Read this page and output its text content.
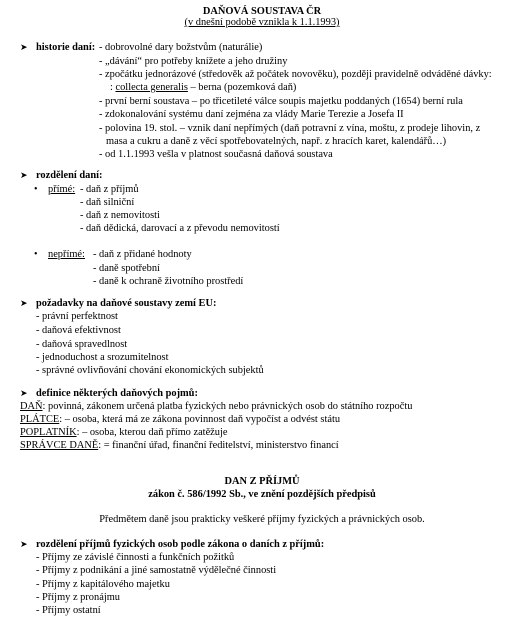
DAŇOVÁ SOUSTAVA ČR
(v dnešní podobě vznikla k 1.1.1993)
➤ historie daní: - dobrovolné dary božstvům (naturálie)
- „dávání“ pro potřeby knížete a jeho družiny
- zpočátku jednorázové (středověk až počátek novověku), později pravidelně odváděné dávky:
: collecta generalis – berna (pozemková daň)
- první berní soustava – po třicetileté válce soupis majetku poddaných (1654) berní rula
- zdokonalování systému daní zejména za vlády Marie Terezie a Josefa II
- polovina 19. stol. – vznik daní nepřímých (daň potravní z vína, moštu, z prodeje lihovin, z
masa a cukru a daně z věcí spotřebovatelných, např. z hracích karet, kalendářů…)
- od 1.1.1993 vešla v platnost současná daňová soustava
➤ rozdělení daní:
• přímé: - daň z příjmů
- daň silniční
- daň z nemovitosti
- daň dědická, darovací a z převodu nemovitostí
• nepřímé: - daň z přidané hodnoty
- daně spotřební
- daně k ochraně životního prostředí
➤ požadavky na daňové soustavy zemí EU:
- právní perfektnost
- daňová efektivnost
- daňová spravedlnost
- jednoduchost a srozumitelnost
- správné ovlivňování chování ekonomických subjektů
➤ definice některých daňových pojmů:
DAŇ: povinná, zákonem určená platba fyzických nebo právnických osob do státního rozpočtu
PLÁTCE: – osoba, která má ze zákona povinnost daň vypočíst a odvést státu
POPLATNÍK: – osoba, kterou daň přímo zatěžuje
SPRÁVCE DANĚ: = finanční úřad, finanční ředitelství, ministerstvo financí
DAN Z PŘÍJMŮ
zákon č. 586/1992 Sb., ve znění pozdějších předpisů
Předmětem daně jsou prakticky veškeré příjmy fyzických a právnických osob.
➤ rozdělení příjmů fyzických osob podle zákona o daních z příjmů:
- Příjmy ze závislé činnosti a funkčních požitků
- Příjmy z podnikání a jiné samostatně výdělečné činnosti
- Příjmy z kapitálového majetku
- Příjmy z pronájmu
- Příjmy ostatní
